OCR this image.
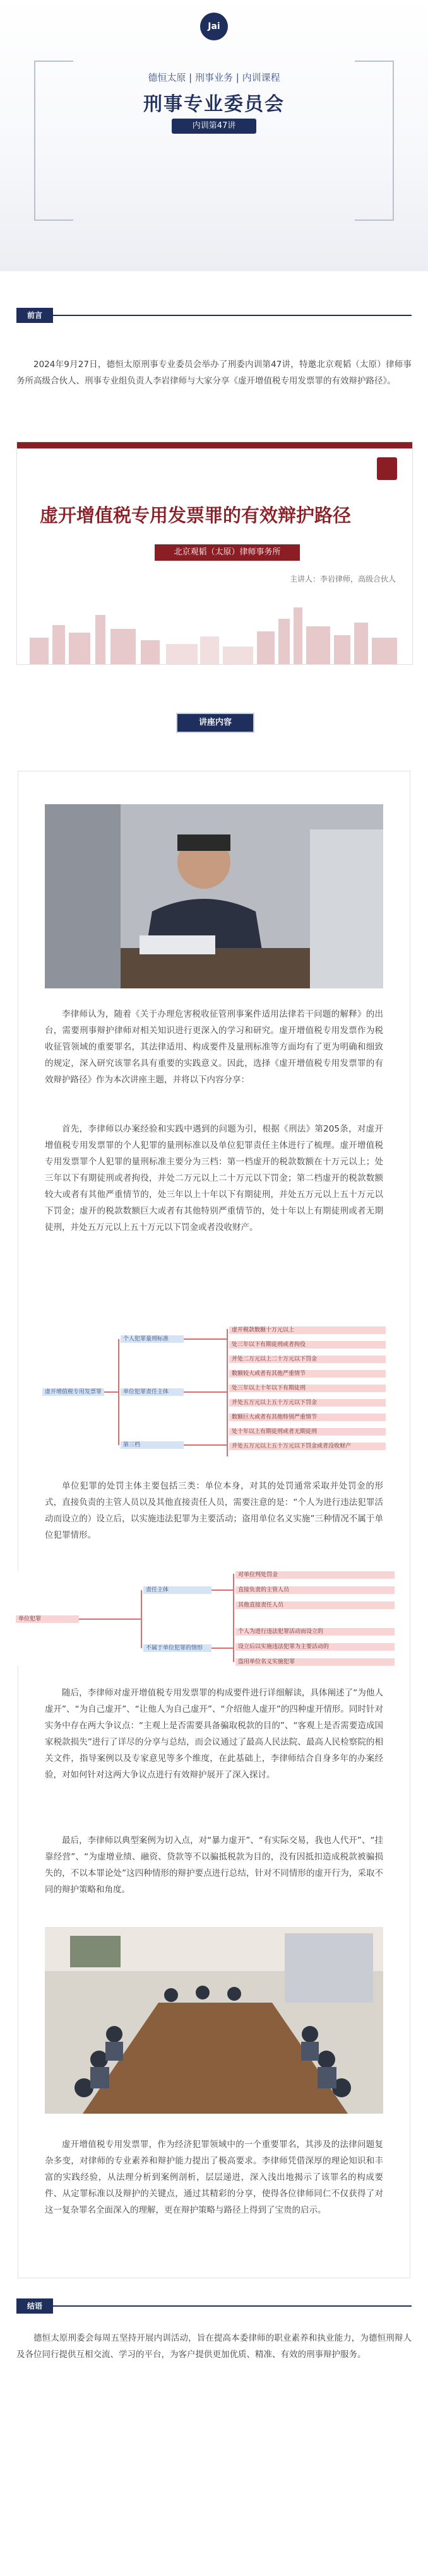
Jai
德恒太原 | 刑事业务 | 内训课程
刑事专业委员会
内训第47讲
前言

2024年9月27日，德恒太原刑事专业委员会举办了刑委内训第47讲，特邀北京观韬（太原）律师事务所高级合伙人、刑事专业组负责人李岩律师与大家分享《虚开增值税专用发票罪的有效辩护路径》。

虚开增值税专用发票罪的有效辩护路径
北京观韬（太原）律师事务所
主讲人：李岩律师，高级合伙人
讲座内容

李律师认为，随着《关于办理危害税收征管刑事案件适用法律若干问题的解释》的出台，需要刑事辩护律师对相关知识进行更深入的学习和研究。虚开增值税专用发票作为税收征管领域的重要罪名，其法律适用、构成要件及量刑标准等方面均有了更为明确和细致的规定，深入研究该罪名具有重要的实践意义。因此，选择《虚开增值税专用发票罪的有效辩护路径》作为本次讲座主题，并将以下内容分享：

首先，李律师以办案经验和实践中遇到的问题为引，根据《刑法》第205条，对虚开增值税专用发票罪的个人犯罪的量刑标准以及单位犯罪责任主体进行了梳理。虚开增值税专用发票罪个人犯罪的量刑标准主要分为三档：第一档虚开的税款数额在十万元以上；处三年以下有期徒刑或者拘役，并处二万元以上二十万元以下罚金；第二档虚开的税款数额较大或者有其他严重情节的，处三年以上十年以下有期徒刑，并处五万元以上五十万元以下罚金；虚开的税款数额巨大或者有其他特别严重情节的，处十年以上有期徒刑或者无期徒刑，并处五万元以上五十万元以下罚金或者没收财产。

虚开增值税专用发票罪
个人犯罪量刑标准
单位犯罪责任主体
第三档
虚开税款数额十万元以上
处三年以下有期徒刑或者拘役
并处二万元以上二十万元以下罚金
数额较大或者有其他严重情节
处三年以上十年以下有期徒刑
并处五万元以上五十万元以下罚金
数额巨大或者有其他特别严重情节
处十年以上有期徒刑或者无期徒刑
并处五万元以上五十万元以下罚金或者没收财产

单位犯罪的处罚主体主要包括三类：单位本身，对其的处罚通常采取并处罚金的形式，直接负责的主管人员以及其他直接责任人员，需要注意的是：“个人为进行违法犯罪活动而设立的）设立后，以实施违法犯罪为主要活动；盗用单位名义实施”三种情况不属于单位犯罪情形。

单位犯罪
责任主体
不属于单位犯罪的情形
对单位判处罚金
直接负责的主管人员
其他直接责任人员
个人为进行违法犯罪活动而设立的
设立后以实施违法犯罪为主要活动的
盗用单位名义实施犯罪

随后，李律师对虚开增值税专用发票罪的构成要件进行详细解读，具体阐述了“为他人虚开”、“为自己虚开”、“让他人为自己虚开”、“介绍他人虚开”的四种虚开情形。同时针对实务中存在两大争议点：“主观上是否需要具备骗取税款的目的”、“客观上是否需要造成国家税款损失”进行了详尽的分享与总结，而会议通过了最高人民法院、最高人民检察院的相关文件，指导案例以及专家意见等多个维度，在此基础上，李律师结合自身多年的办案经验，对如何针对这两大争议点进行有效辩护展开了深入探讨。

最后，李律师以典型案例为切入点，对“暴力虚开”、“有实际交易，我也人代开”、“挂靠经营”、“为虚增业绩、融资、贷款等不以骗抵税款为目的，没有因抵扣造成税款被骗损失的，不以本罪论处”这四种情形的辩护要点进行总结，针对不同情形的虚开行为，采取不同的辩护策略和角度。

虚开增值税专用发票罪，作为经济犯罪领域中的一个重要罪名，其涉及的法律问题复杂多变，对律师的专业素养和辩护能力提出了极高要求。李律师凭借深厚的理论知识和丰富的实践经验，从法理分析到案例剖析，层层递进，深入浅出地揭示了该罪名的构成要件、从定罪标准以及辩护的关键点，通过其精彩的分享，使得各位律师同仁不仅获得了对这一复杂罪名全面深入的理解，更在辩护策略与路径上得到了宝贵的启示。

结语

德恒太原刑委会每周五坚持开展内训活动，旨在提高本委律师的职业素养和执业能力，为德恒刑辩人及各位同行提供互相交流、学习的平台，为客户提供更加优质、精准、有效的刑事辩护服务。
